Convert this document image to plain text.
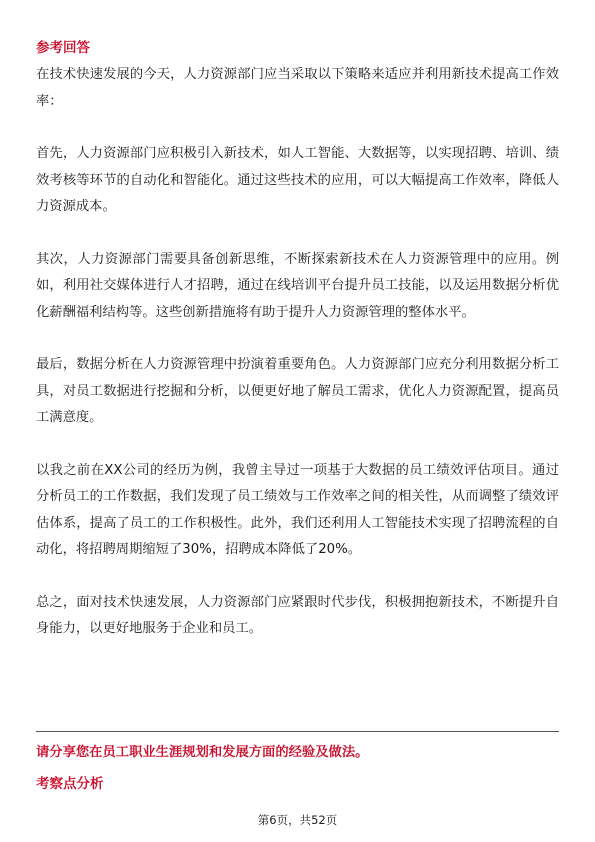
参考回答

在技术快速发展的今天，人力资源部门应当采取以下策略来适应并利用新技术提高工作效率：

首先，人力资源部门应积极引入新技术，如人工智能、大数据等，以实现招聘、培训、绩效考核等环节的自动化和智能化。通过这些技术的应用，可以大幅提高工作效率，降低人力资源成本。

其次，人力资源部门需要具备创新思维，不断探索新技术在人力资源管理中的应用。例如，利用社交媒体进行人才招聘，通过在线培训平台提升员工技能，以及运用数据分析优化薪酬福利结构等。这些创新措施将有助于提升人力资源管理的整体水平。

最后，数据分析在人力资源管理中扮演着重要角色。人力资源部门应充分利用数据分析工具，对员工数据进行挖掘和分析，以便更好地了解员工需求，优化人力资源配置，提高员工满意度。

以我之前在XX公司的经历为例，我曾主导过一项基于大数据的员工绩效评估项目。通过分析员工的工作数据，我们发现了员工绩效与工作效率之间的相关性，从而调整了绩效评估体系，提高了员工的工作积极性。此外，我们还利用人工智能技术实现了招聘流程的自动化，将招聘周期缩短了30%，招聘成本降低了20%。

总之，面对技术快速发展，人力资源部门应紧跟时代步伐，积极拥抱新技术，不断提升自身能力，以更好地服务于企业和员工。

请分享您在员工职业生涯规划和发展方面的经验及做法。

考察点分析

第6页，共52页
